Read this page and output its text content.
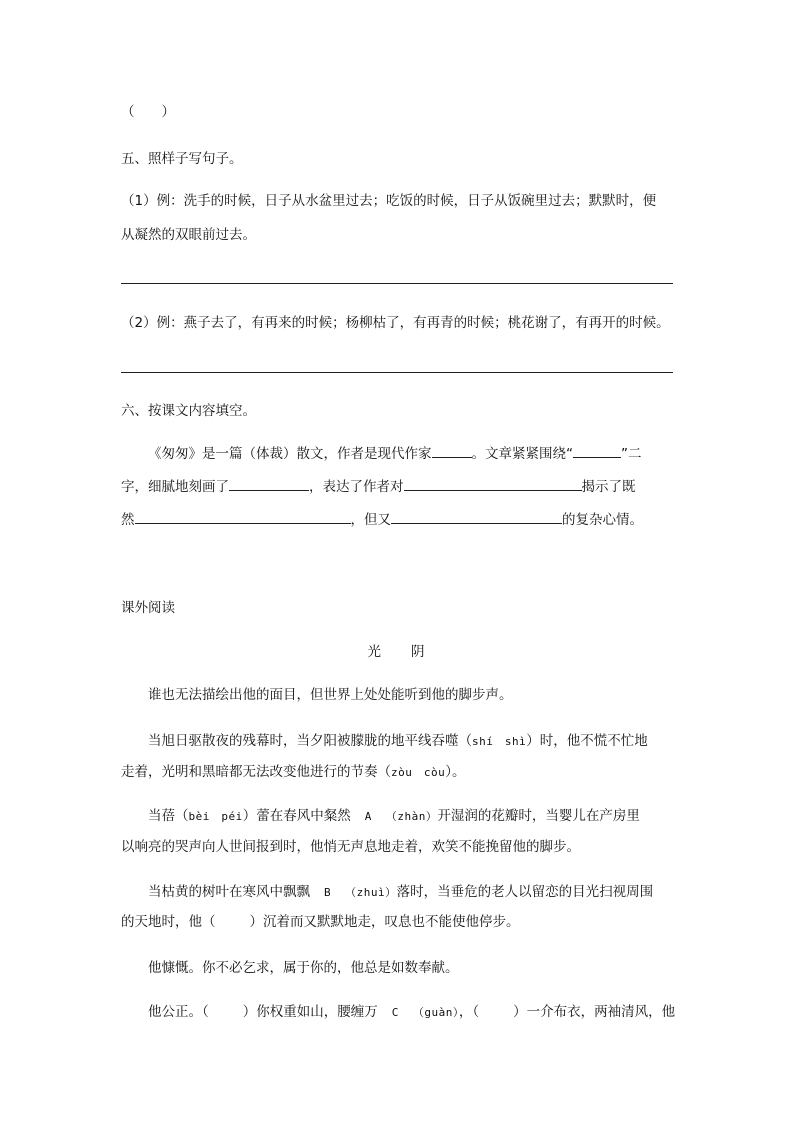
（　　）
五、照样子写句子。
（1）例：洗手的时候，日子从水盆里过去；吃饭的时候，日子从饭碗里过去；默默时，便
从凝然的双眼前过去。
（2）例：燕子去了，有再来的时候；杨柳枯了，有再青的时候；桃花谢了，有再开的时候。
六、按课文内容填空。
《匆匆》是一篇（体裁）散文，作者是现代作家	。文章紧紧围绕“	”二
字，细腻地刻画了	，表达了作者对	揭示了既
然	，但又	的复杂心情。
课外阅读
光 阴
谁也无法描绘出他的面目，但世界上处处能听到他的脚步声。
当旭日驱散夜的残幕时，当夕阳被朦胧的地平线吞噬（shí　shì）时，他不慌不忙地
走着，光明和黑暗都无法改变他进行的节奏（zòu　còu）。
当蓓（bèi　péi）蕾在春风中粲然 A （zhàn）开湿润的花瓣时，当婴儿在产房里
以响亮的哭声向人世间报到时，他悄无声息地走着，欢笑不能挽留他的脚步。
当枯黄的树叶在寒风中飘飘 B （zhuì）落时，当垂危的老人以留恋的目光扫视周围
的天地时，他（	）沉着而又默默地走，叹息也不能使他停步。
他慷慨。你不必乞求，属于你的，他总是如数奉献。
他公正。（	）你权重如山，腰缠万 C （guàn），（	）一介布衣，两袖清风，他
